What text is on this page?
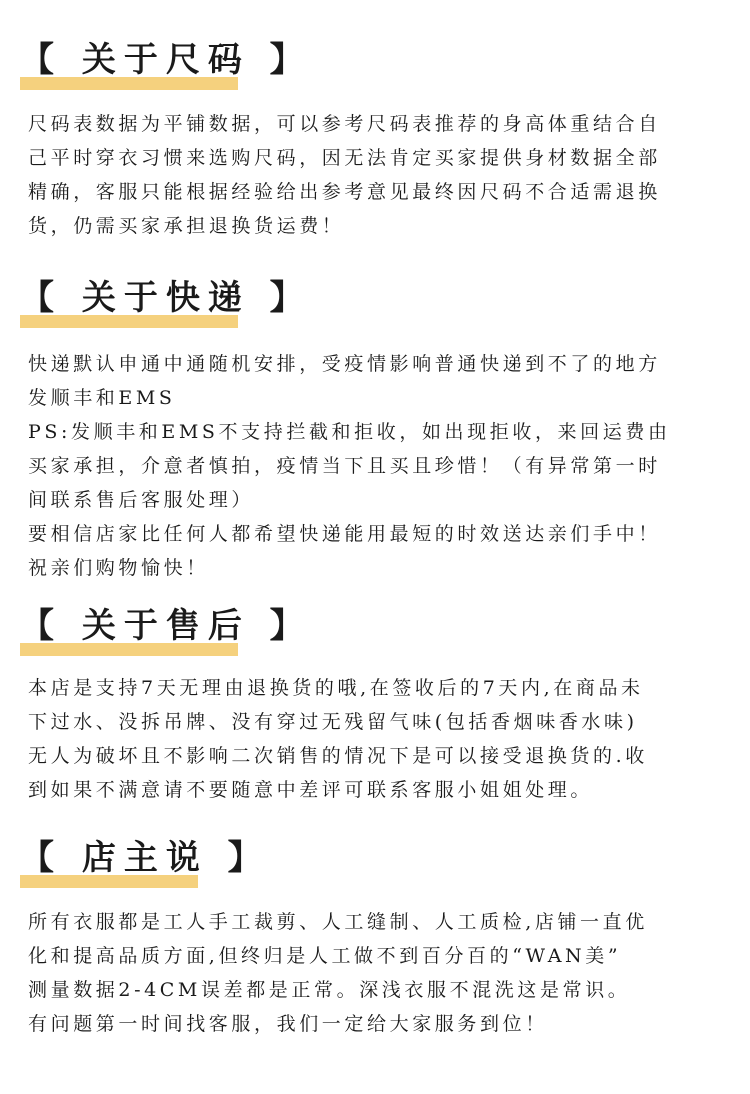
【 关于尺码 】
尺码表数据为平铺数据，可以参考尺码表推荐的身高体重结合自
己平时穿衣习惯来选购尺码，因无法肯定买家提供身材数据全部
精确，客服只能根据经验给出参考意见最终因尺码不合适需退换
货，仍需买家承担退换货运费！
【 关于快递 】
快递默认申通中通随机安排，受疫情影响普通快递到不了的地方
发顺丰和EMS
PS:发顺丰和EMS不支持拦截和拒收，如出现拒收，来回运费由
买家承担，介意者慎拍，疫情当下且买且珍惜！（有异常第一时
间联系售后客服处理）
要相信店家比任何人都希望快递能用最短的时效送达亲们手中！
祝亲们购物愉快！
【 关于售后 】
本店是支持7天无理由退换货的哦,在签收后的7天内,在商品未
下过水、没拆吊牌、没有穿过无残留气味(包括香烟味香水味)
无人为破坏且不影响二次销售的情况下是可以接受退换货的.收
到如果不满意请不要随意中差评可联系客服小姐姐处理。
【 店主说 】
所有衣服都是工人手工裁剪、人工缝制、人工质检,店铺一直优
化和提高品质方面,但终归是人工做不到百分百的“WAN美”
测量数据2-4CM误差都是正常。深浅衣服不混洗这是常识。
有问题第一时间找客服，我们一定给大家服务到位！
